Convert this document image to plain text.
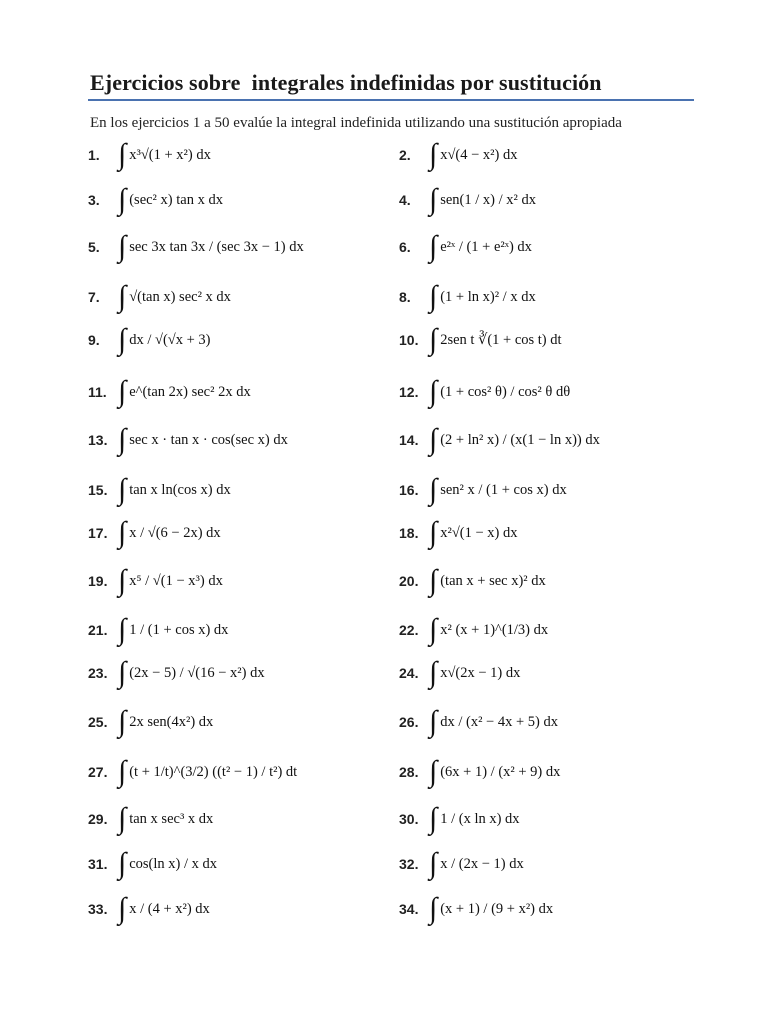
Ejercicios sobre  integrales indefinidas por sustitución
En los ejercicios 1 a 50 evalúe la integral indefinida utilizando una sustitución apropiada
1. ∫ x³√(1 + x²) dx	2. ∫ x√(4 − x²) dx
3. ∫ (sec² x) tan x dx	4. ∫ sen(1 / x) / x² dx
5. ∫ sec 3x tan 3x / (sec 3x − 1) dx	6. ∫ e²ˣ / (1 + e²ˣ) dx
7. ∫ √(tan x) sec² x dx	8. ∫ (1 + ln x)² / x dx
9. ∫ dx / √(√x + 3)	10. ∫ 2sen t ∛(1 + cos t) dt
11. ∫ e^(tan 2x) sec² 2x dx	12. ∫ (1 + cos² θ) / cos² θ dθ
13. ∫ sec x · tan x · cos(sec x) dx	14. ∫ (2 + ln² x) / (x(1 − ln x)) dx
15. ∫ tan x ln(cos x) dx	16. ∫ sen² x / (1 + cos x) dx
17. ∫ x / √(6 − 2x) dx	18. ∫ x²√(1 − x) dx
19. ∫ x⁵ / √(1 − x³) dx	20. ∫ (tan x + sec x)² dx
21. ∫ 1 / (1 + cos x) dx	22. ∫ x² (x + 1)^(1/3) dx
23. ∫ (2x − 5) / √(16 − x²) dx	24. ∫ x√(2x − 1) dx
25. ∫ 2x sen(4x²) dx	26. ∫ dx / (x² − 4x + 5) dx
27. ∫ (t + 1/t)^(3/2) ((t² − 1) / t²) dt	28. ∫ (6x + 1) / (x² + 9) dx
29. ∫ tan x sec³ x dx	30. ∫ 1 / (x ln x) dx
31. ∫ cos(ln x) / x dx	32. ∫ x / (2x − 1) dx
33. ∫ x / (4 + x²) dx	34. ∫ (x + 1) / (9 + x²) dx
